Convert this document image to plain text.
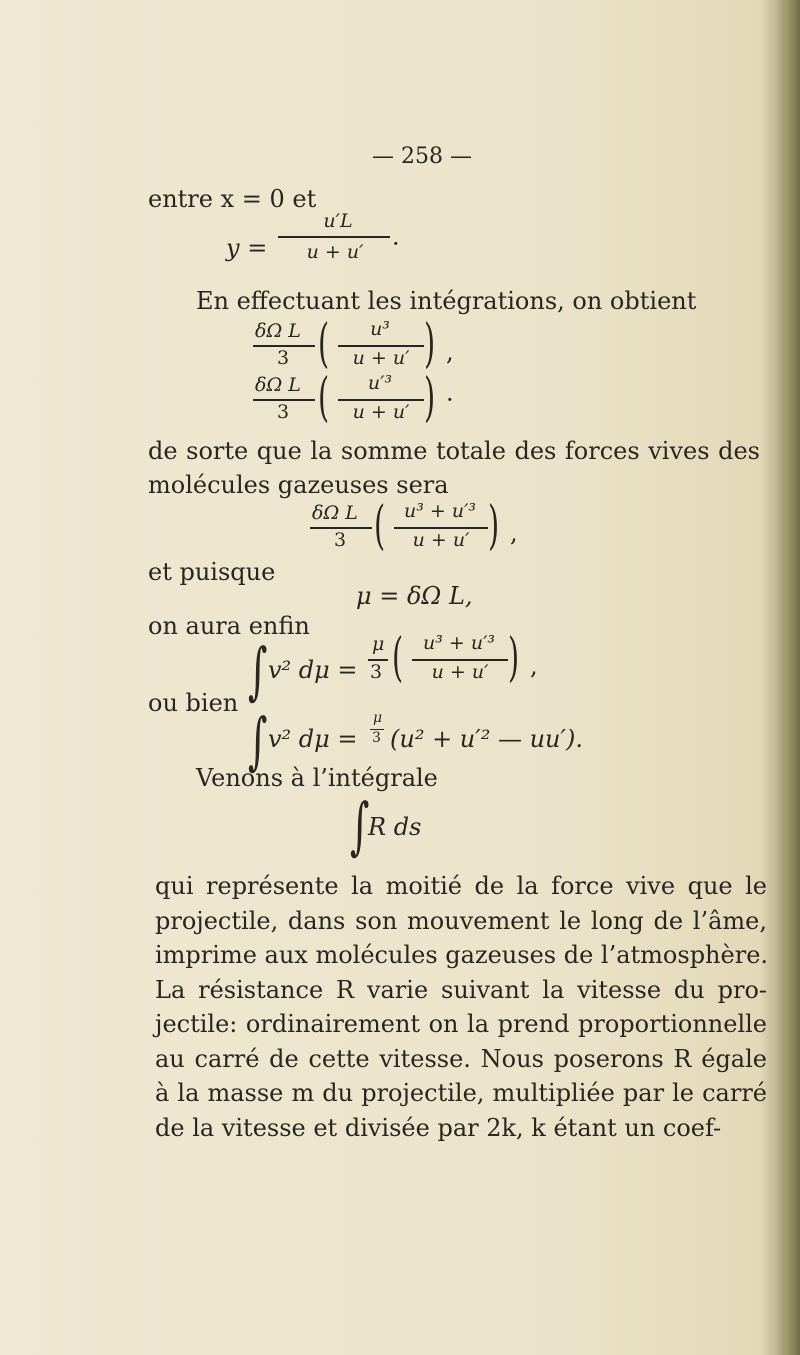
— 258 —
entre x = 0 et
y =
u′L
u + u′	·
En effectuant les intégrations, on obtient
δΩ L
3 (	u³
u + u′ ) ,
δΩ L
3 (	u′³
u + u′ ) ·
de sorte que la somme totale des forces vives des
molécules gazeuses sera
δΩ L
3 ( u³ + u′³
u + u′ ) ,
et puisque
μ = δΩ L,
on aura enfin
∫ v² dμ =
μ
3 (	u³ + u′³
u + u′ ) ,
ou bien
∫ v² dμ =
μ
3 (u² + u′² — uu′).
Venons à l’intégrale
∫
R ds
qui représente la moitié de la force vive que le
projectile, dans son mouvement le long de l’âme,
imprime aux molécules gazeuses de l’atmosphère.
La résistance R varie suivant la vitesse du pro-
jectile: ordinairement on la prend proportionnelle
au carré de cette vitesse. Nous poserons R égale
à la masse m du projectile, multipliée par le carré
de la vitesse et divisée par 2k, k étant un coef-
